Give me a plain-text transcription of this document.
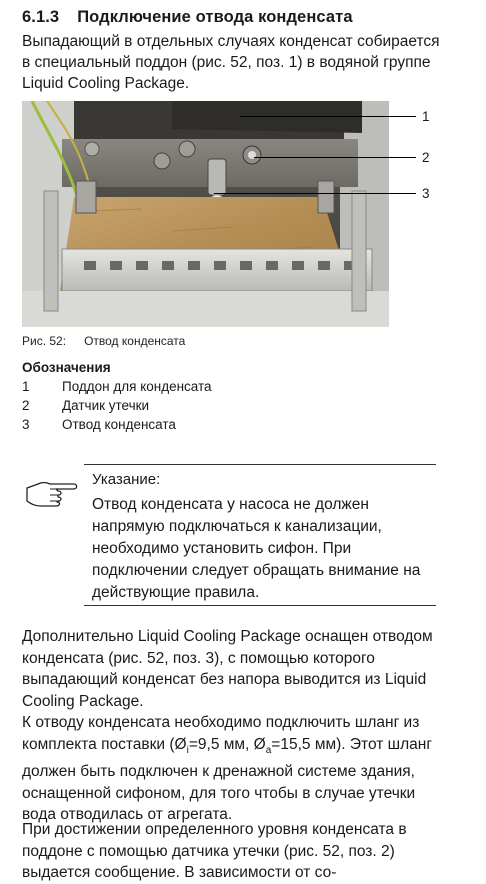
6.1.3 Подключение отвода конденсата

Выпадающий в отдельных случаях конденсат собирается в специальный поддон (рис. 52, поз. 1) в водяной группе Liquid Cooling Package.

1
2
3
Рис. 52: Отвод конденсата
Обозначения
1 Поддон для конденсата
2 Датчик утечки
3 Отвод конденсата
Указание:

Отвод конденсата у насоса не должен напрямую подключаться к канализации, необходимо установить сифон. При подключении следует обращать внимание на действующие правила.

Дополнительно Liquid Cooling Package оснащен отводом конденсата (рис. 52, поз. 3), с помощью которого выпадающий конденсат без напора выводится из Liquid Cooling Package.

К отводу конденсата необходимо подключить шланг из комплекта поставки ($Ø_i=9,5$ мм, $Ø_a=15,5$ мм). Этот шланг должен быть подключен к дренажной системе здания, оснащенной сифоном, для того чтобы в случае утечки вода отводилась от агрегата.

При достижении определенного уровня конденсата в поддоне с помощью датчика утечки (рис. 52, поз. 2) выдается сообщение. В зависимости от со-
